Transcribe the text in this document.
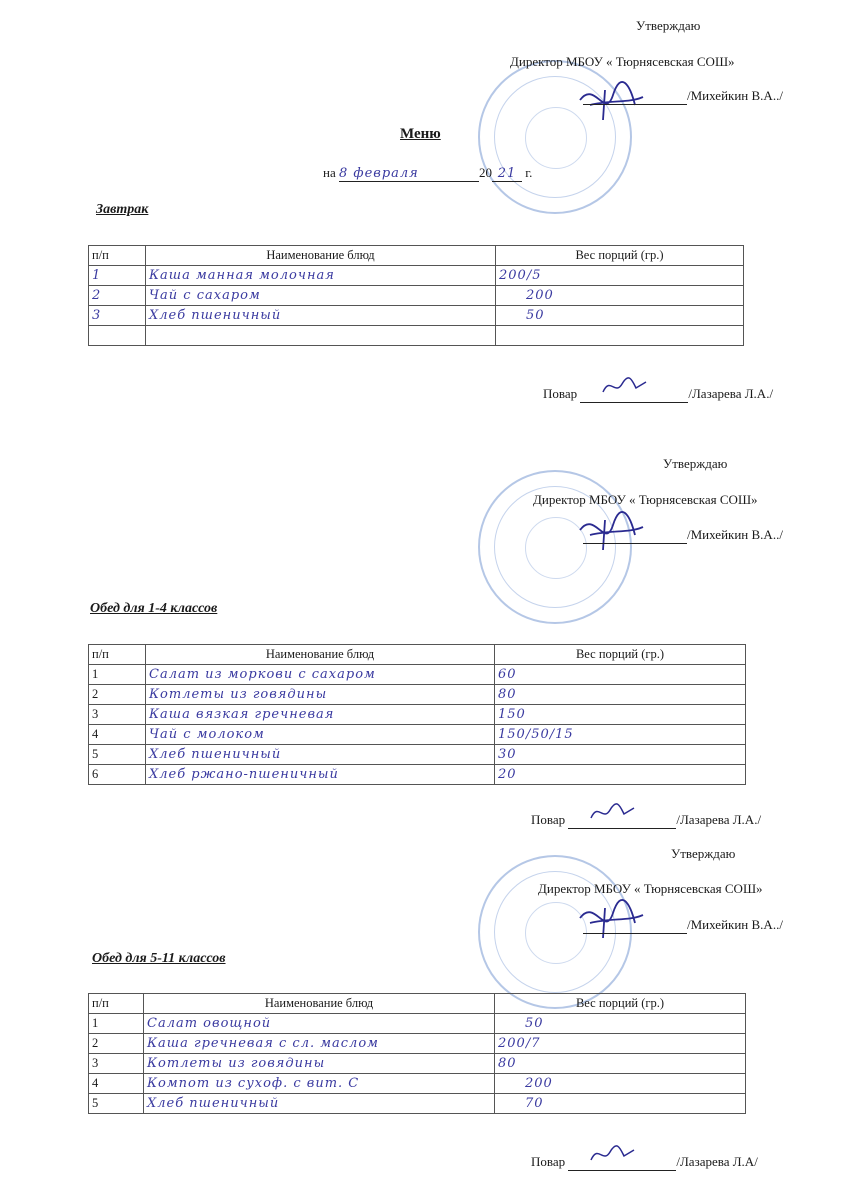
Утверждаю
Директор МБОУ « Тюрнясевская СОШ»
/Михейкин В.А../
Меню
на 8 февраля	20 21 г.
Завтрак
п/п	Наименование блюд	Вес порций (гр.)
1	Каша манная молочная	200/5
2	Чай с сахаром	200
3	Хлеб пшеничный	50

Повар	/Лазарева Л.А./
Утверждаю
Директор МБОУ « Тюрнясевская СОШ»
/Михейкин В.А../
Обед для 1-4 классов
п/п	Наименование блюд	Вес порций (гр.)
1	Салат из моркови с сахаром	60
2	Котлеты из говядины	80
3	Каша вязкая гречневая	150
4	Чай с молоком	150/50/15
5	Хлеб пшеничный	30
6	Хлеб ржано-пшеничный	20
Повар	/Лазарева Л.А./
Утверждаю
Директор МБОУ « Тюрнясевская СОШ»
/Михейкин В.А../
Обед для 5-11 классов
п/п	Наименование блюд	Вес порций (гр.)
1	Салат овощной	50
2	Каша гречневая с сл. маслом	200/7
3	Котлеты из говядины	80
4	Компот из сухоф. с вит. С	200
5	Хлеб пшеничный	70
Повар	/Лазарева Л.А/
